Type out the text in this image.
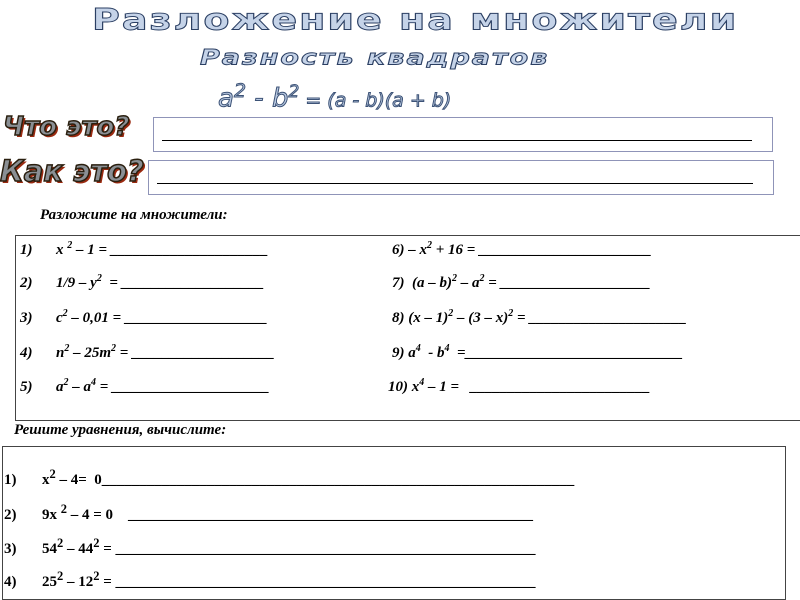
Разложение на множители
Разность квадратов
$a^2 - b^2 = (a - b)(a + b)$
Что это?
Как это?
Разложите на множители:
1) x $^2$ – 1 = _____________________
2) $1/9 - y^2$  = ___________________
3) $c^2 - 0,01$ = ___________________
4) $n^2 - 25m^2$ = ___________________
5) $a^2 - a^4$ = _____________________
$6) - x^2 + 16$ = _______________________
7)  $(a - b)^2 - a^2$ = ____________________
8) (x – 1)$^2$ – (3 – x)$^2$ = _____________________
9) $a^4 - b^4$  =_____________________________
10) $x^4 - 1$ =   ________________________
Решите уравнения, вычислите:
1) $x^2 - 4=$  0_______________________________________________________________
2) 9x $^2$ – 4 = 0    ______________________________________________________
3) $54^2 - 44^2$ = ________________________________________________________
4) $25^2 - 12^2$ = ________________________________________________________
